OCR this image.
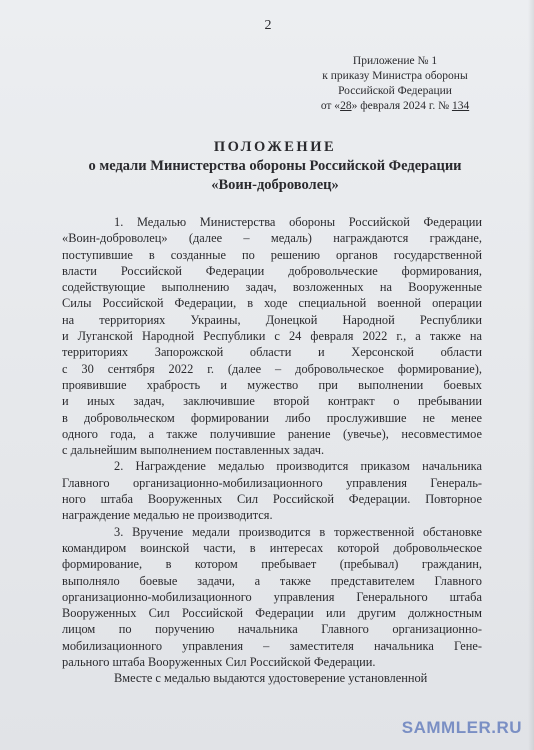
2
Приложение № 1
к приказу Министра обороны
Российской Федерации
от «28» февраля 2024 г. № 134
ПОЛОЖЕНИЕ
о медали Министерства обороны Российской Федерации
«Воин-доброволец»

1. Медалью Министерства обороны Российской Федерации
«Воин-доброволец» (далее – медаль) награждаются граждане,
поступившие в созданные по решению органов государственной
власти Российской Федерации добровольческие формирования,
содействующие выполнению задач, возложенных на Вооруженные
Силы Российской Федерации, в ходе специальной военной операции
на территориях Украины, Донецкой Народной Республики
и Луганской Народной Республики с 24 февраля 2022 г., а также на
территориях Запорожской области и Херсонской области
с 30 сентября 2022 г. (далее – добровольческое формирование),
проявившие храбрость и мужество при выполнении боевых
и иных задач, заключившие второй контракт о пребывании
в добровольческом формировании либо прослужившие не менее
одного года, а также получившие ранение (увечье), несовместимое
с дальнейшим выполнением поставленных задач.

2. Награждение медалью производится приказом начальника
Главного организационно-мобилизационного управления Генераль-
ного штаба Вооруженных Сил Российской Федерации. Повторное
награждение медалью не производится.

3. Вручение медали производится в торжественной обстановке
командиром воинской части, в интересах которой добровольческое
формирование, в котором пребывает (пребывал) гражданин,
выполняло боевые задачи, а также представителем Главного
организационно-мобилизационного управления Генерального штаба
Вооруженных Сил Российской Федерации или другим должностным
лицом по поручению начальника Главного организационно-
мобилизационного управления – заместителя начальника Гене-
рального штаба Вооруженных Сил Российской Федерации.

Вместе с медалью выдаются удостоверение установленной

SAMMLER.RU
